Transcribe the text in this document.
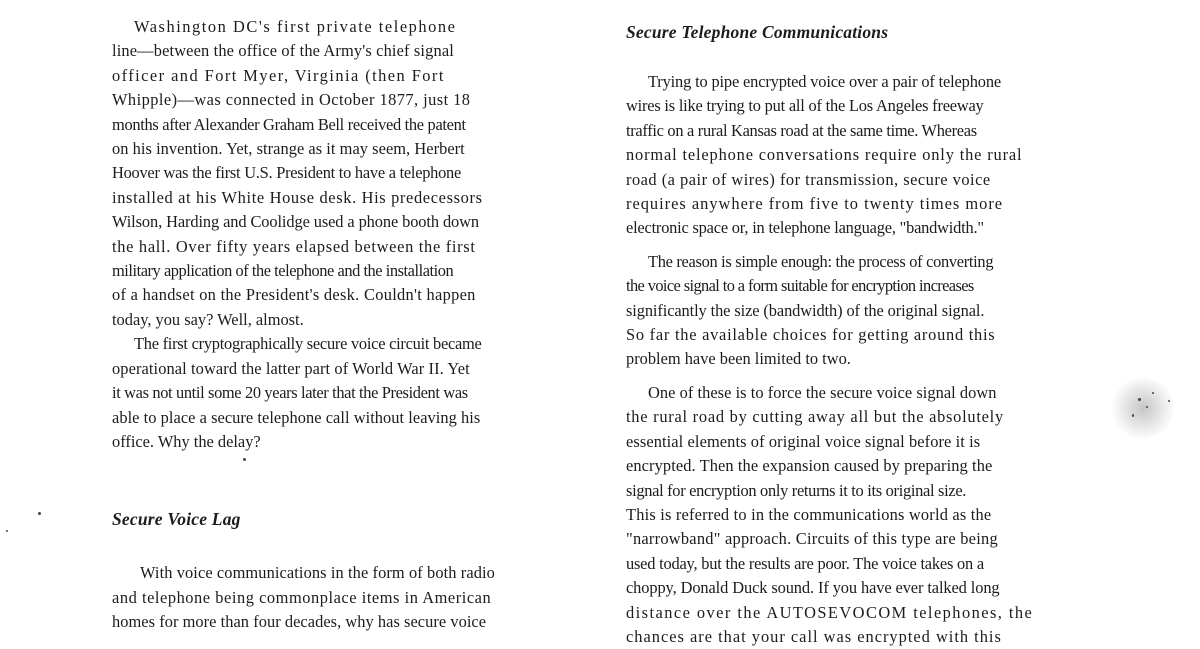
Washington DC's first private telephone
line—between the office of the Army's chief signal
officer and Fort Myer, Virginia (then Fort
Whipple)—was connected in October 1877, just 18
months after Alexander Graham Bell received the patent
on his invention. Yet, strange as it may seem, Herbert
Hoover was the first U.S. President to have a telephone
installed at his White House desk. His predecessors
Wilson, Harding and Coolidge used a phone booth down
the hall. Over fifty years elapsed between the first
military application of the telephone and the installation
of a handset on the President's desk. Couldn't happen
today, you say? Well, almost.

The first cryptographically secure voice circuit became
operational toward the latter part of World War II. Yet
it was not until some 20 years later that the President was
able to place a secure telephone call without leaving his
office. Why the delay?

Secure Voice Lag

With voice communications in the form of both radio
and telephone being commonplace items in American
homes for more than four decades, why has secure voice

Secure Telephone Communications

Trying to pipe encrypted voice over a pair of telephone
wires is like trying to put all of the Los Angeles freeway
traffic on a rural Kansas road at the same time. Whereas
normal telephone conversations require only the rural
road (a pair of wires) for transmission, secure voice
requires anywhere from five to twenty times more
electronic space or, in telephone language, "bandwidth."

The reason is simple enough: the process of converting
the voice signal to a form suitable for encryption increases
significantly the size (bandwidth) of the original signal.
So far the available choices for getting around this
problem have been limited to two.

One of these is to force the secure voice signal down
the rural road by cutting away all but the absolutely
essential elements of original voice signal before it is
encrypted. Then the expansion caused by preparing the
signal for encryption only returns it to its original size.
This is referred to in the communications world as the
"narrowband" approach. Circuits of this type are being
used today, but the results are poor. The voice takes on a
choppy, Donald Duck sound. If you have ever talked long
distance over the AUTOSEVOCOM telephones, the
chances are that your call was encrypted with this
